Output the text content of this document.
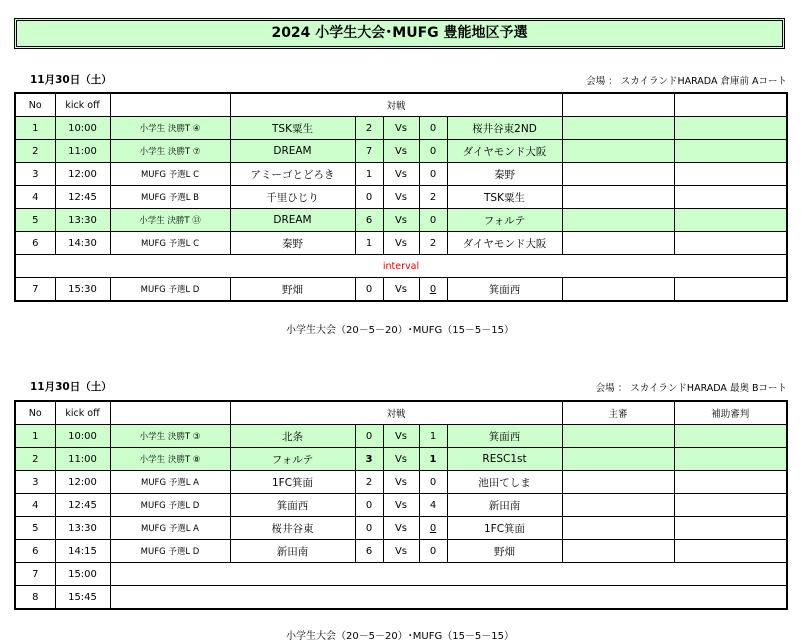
2024 小学生大会･MUFG 豊能地区予選
11月30日（土）	会場 ： スカイランドHARADA 倉庫前 Aコート
No	kick off		対戦						
1	10:00	小学生 決勝T ④	TSK粟生	2	Vs	0	桜井谷東2ND		
2	11:00	小学生 決勝T ⑦	DREAM	7	Vs	0	ダイヤモンド大阪		
3	12:00	MUFG 予選L C	アミーゴとどろき	1	Vs	0	秦野		
4	12:45	MUFG 予選L B	千里ひじり	0	Vs	2	TSK粟生		
5	13:30	小学生 決勝T ⑬	DREAM	6	Vs	0	フォルテ		
6	14:30	MUFG 予選L C	秦野	1	Vs	2	ダイヤモンド大阪		
interval									
7	15:30	MUFG 予選L D	野畑	0	Vs	0	箕面西		
小学生大会（20－5－20）･MUFG（15－5－15）
11月30日（土）	会場 ： スカイランドHARADA 最奥 Bコート
No	kick off		対戦					主審	補助審判
1	10:00	小学生 決勝T ③	北条	0	Vs	1	箕面西		
2	11:00	小学生 決勝T ⑧	フォルテ	3	Vs	1	RESC1st		
3	12:00	MUFG 予選L A	1FC箕面	2	Vs	0	池田てしま		
4	12:45	MUFG 予選L D	箕面西	0	Vs	4	新田南		
5	13:30	MUFG 予選L A	桜井谷東	0	Vs	0	1FC箕面		
6	14:15	MUFG 予選L D	新田南	6	Vs	0	野畑		
7	15:00								
8	15:45								
小学生大会（20－5－20）･MUFG（15－5－15）
